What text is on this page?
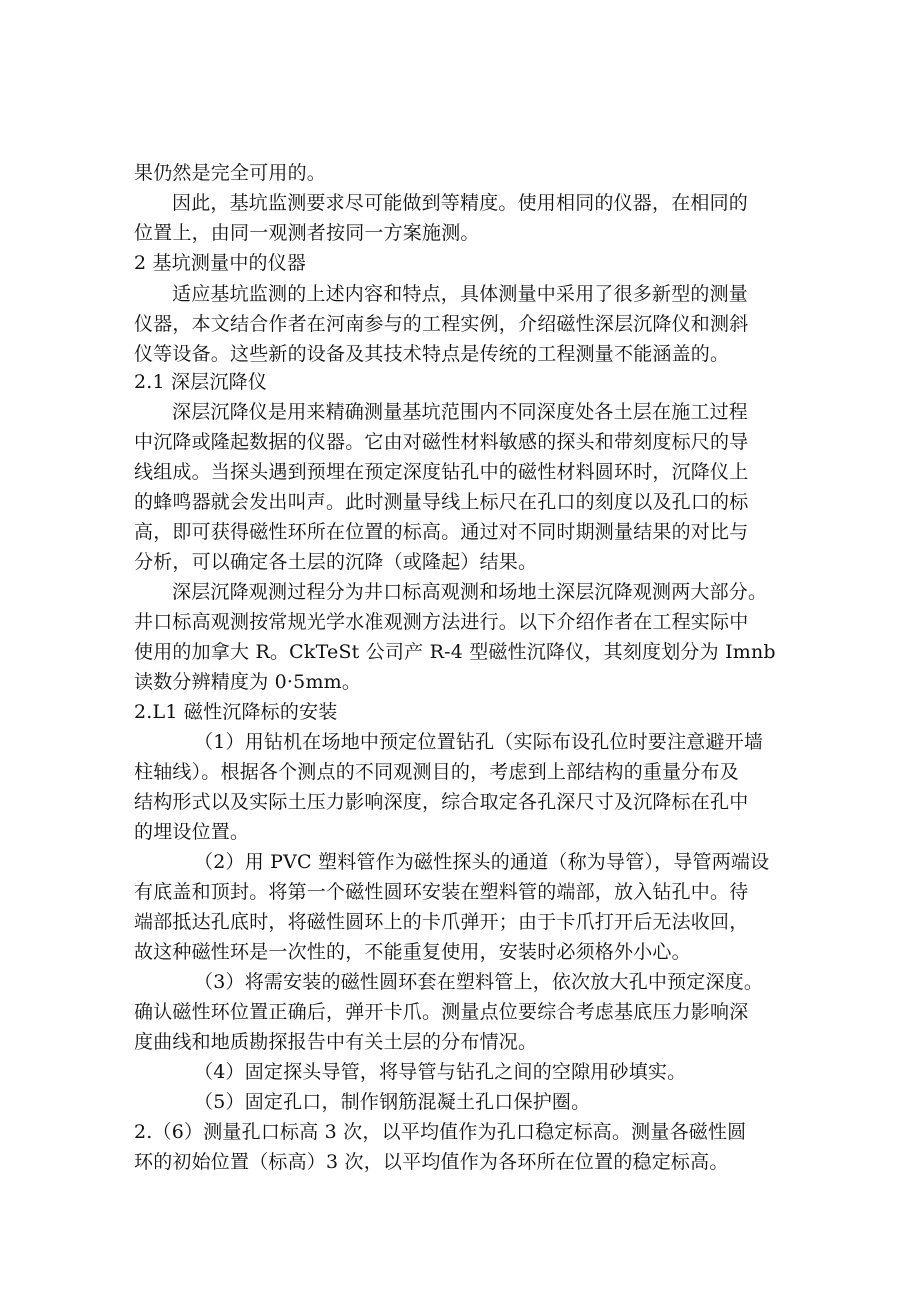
果仍然是完全可用的。
因此，基坑监测要求尽可能做到等精度。使用相同的仪器，在相同的
位置上，由同一观测者按同一方案施测。
2 基坑测量中的仪器
适应基坑监测的上述内容和特点，具体测量中采用了很多新型的测量
仪器，本文结合作者在河南参与的工程实例，介绍磁性深层沉降仪和测斜
仪等设备。这些新的设备及其技术特点是传统的工程测量不能涵盖的。
2.1 深层沉降仪
深层沉降仪是用来精确测量基坑范围内不同深度处各土层在施工过程
中沉降或隆起数据的仪器。它由对磁性材料敏感的探头和带刻度标尺的导
线组成。当探头遇到预埋在预定深度钻孔中的磁性材料圆环时，沉降仪上
的蜂鸣器就会发出叫声。此时测量导线上标尺在孔口的刻度以及孔口的标
高，即可获得磁性环所在位置的标高。通过对不同时期测量结果的对比与
分析，可以确定各土层的沉降（或隆起）结果。
深层沉降观测过程分为井口标高观测和场地土深层沉降观测两大部分。
井口标高观测按常规光学水准观测方法进行。以下介绍作者在工程实际中
使用的加拿大 R。CkTeSt 公司产 R-4 型磁性沉降仪，其刻度划分为 Imnb
读数分辨精度为 0·5mm。
2.L1 磁性沉降标的安装
（1）用钻机在场地中预定位置钻孔（实际布设孔位时要注意避开墙
柱轴线）。根据各个测点的不同观测目的，考虑到上部结构的重量分布及
结构形式以及实际土压力影响深度，综合取定各孔深尺寸及沉降标在孔中
的埋设位置。
（2）用 PVC 塑料管作为磁性探头的通道（称为导管），导管两端设
有底盖和顶封。将第一个磁性圆环安装在塑料管的端部，放入钻孔中。待
端部抵达孔底时，将磁性圆环上的卡爪弹开；由于卡爪打开后无法收回，
故这种磁性环是一次性的，不能重复使用，安装时必须格外小心。
（3）将需安装的磁性圆环套在塑料管上，依次放大孔中预定深度。
确认磁性环位置正确后，弹开卡爪。测量点位要综合考虑基底压力影响深
度曲线和地质勘探报告中有关土层的分布情况。
（4）固定探头导管，将导管与钻孔之间的空隙用砂填实。
（5）固定孔口，制作钢筋混凝土孔口保护圈。
2.（6）测量孔口标高 3 次，以平均值作为孔口稳定标高。测量各磁性圆
环的初始位置（标高）3 次，以平均值作为各环所在位置的稳定标高。
